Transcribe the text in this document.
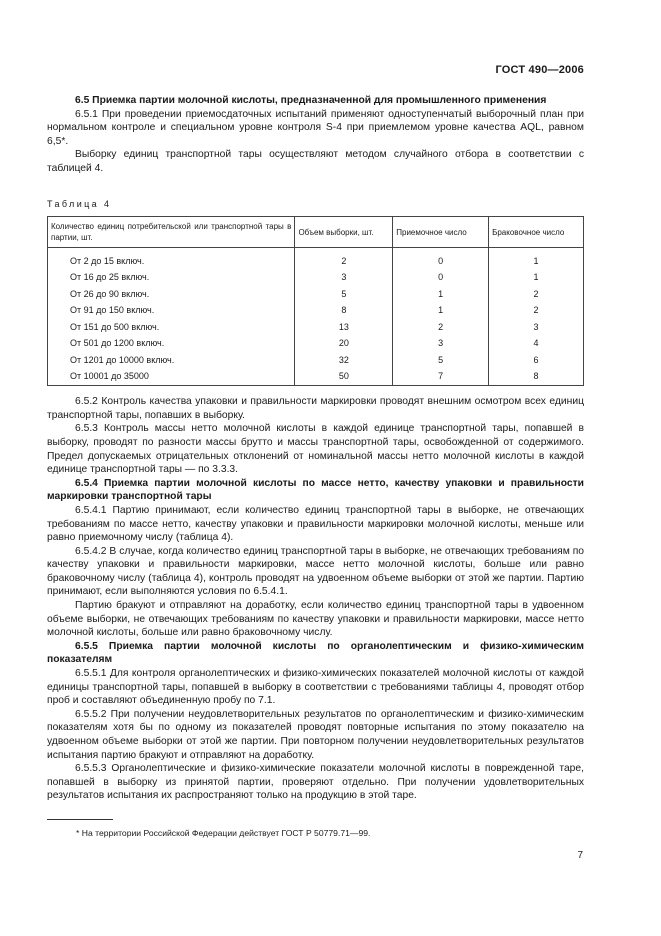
ГОСТ 490—2006

6.5 Приемка партии молочной кислоты, предназначенной для промышленного применения

6.5.1 При проведении приемосдаточных испытаний применяют одноступенчатый выборочный план при нормальном контроле и специальном уровне контроля S-4 при приемлемом уровне качества AQL, равном 6,5*.

Выборку единиц транспортной тары осуществляют методом случайного отбора в соответствии с таблицей 4.

Таблица 4
Количество единиц потребительской или транспортной тары в партии, шт.	Объем выборки, шт.	Приемочное число	Браковочное число

От 2 до 15 включ.	2	0	1
От 16 до 25 включ.	3	0	1
От 26 до 90 включ.	5	1	2
От 91 до 150 включ.	8	1	2
От 151 до 500 включ.	13	2	3
От 501 до 1200 включ.	20	3	4
От 1201 до 10000 включ.	32	5	6
От 10001 до 35000	50	7	8

6.5.2 Контроль качества упаковки и правильности маркировки проводят внешним осмотром всех единиц транспортной тары, попавших в выборку.

6.5.3 Контроль массы нетто молочной кислоты в каждой единице транспортной тары, попавшей в выборку, проводят по разности массы брутто и массы транспортной тары, освобожденной от содержимого. Предел допускаемых отрицательных отклонений от номинальной массы нетто молочной кислоты в каждой единице транспортной тары — по 3.3.3.

6.5.4 Приемка партии молочной кислоты по массе нетто, качеству упаковки и правильности маркировки транспортной тары

6.5.4.1 Партию принимают, если количество единиц транспортной тары в выборке, не отвечающих требованиям по массе нетто, качеству упаковки и правильности маркировки молочной кислоты, меньше или равно приемочному числу (таблица 4).

6.5.4.2 В случае, когда количество единиц транспортной тары в выборке, не отвечающих требованиям по качеству упаковки и правильности маркировки, массе нетто молочной кислоты, больше или равно браковочному числу (таблица 4), контроль проводят на удвоенном объеме выборки от этой же партии. Партию принимают, если выполняются условия по 6.5.4.1.

Партию бракуют и отправляют на доработку, если количество единиц транспортной тары в удвоенном объеме выборки, не отвечающих требованиям по качеству упаковки и правильности маркировки, массе нетто молочной кислоты, больше или равно браковочному числу.

6.5.5 Приемка партии молочной кислоты по органолептическим и физико-химическим показателям

6.5.5.1 Для контроля органолептических и физико-химических показателей молочной кислоты от каждой единицы транспортной тары, попавшей в выборку в соответствии с требованиями таблицы 4, проводят отбор проб и составляют объединенную пробу по 7.1.

6.5.5.2 При получении неудовлетворительных результатов по органолептическим и физико-химическим показателям хотя бы по одному из показателей проводят повторные испытания по этому показателю на удвоенном объеме выборки от этой же партии. При повторном получении неудовлетворительных результатов испытания партию бракуют и отправляют на доработку.

6.5.5.3 Органолептические и физико-химические показатели молочной кислоты в поврежденной таре, попавшей в выборку из принятой партии, проверяют отдельно. При получении удовлетворительных результатов испытания их распространяют только на продукцию в этой таре.

* На территории Российской Федерации действует ГОСТ Р 50779.71—99.
7
